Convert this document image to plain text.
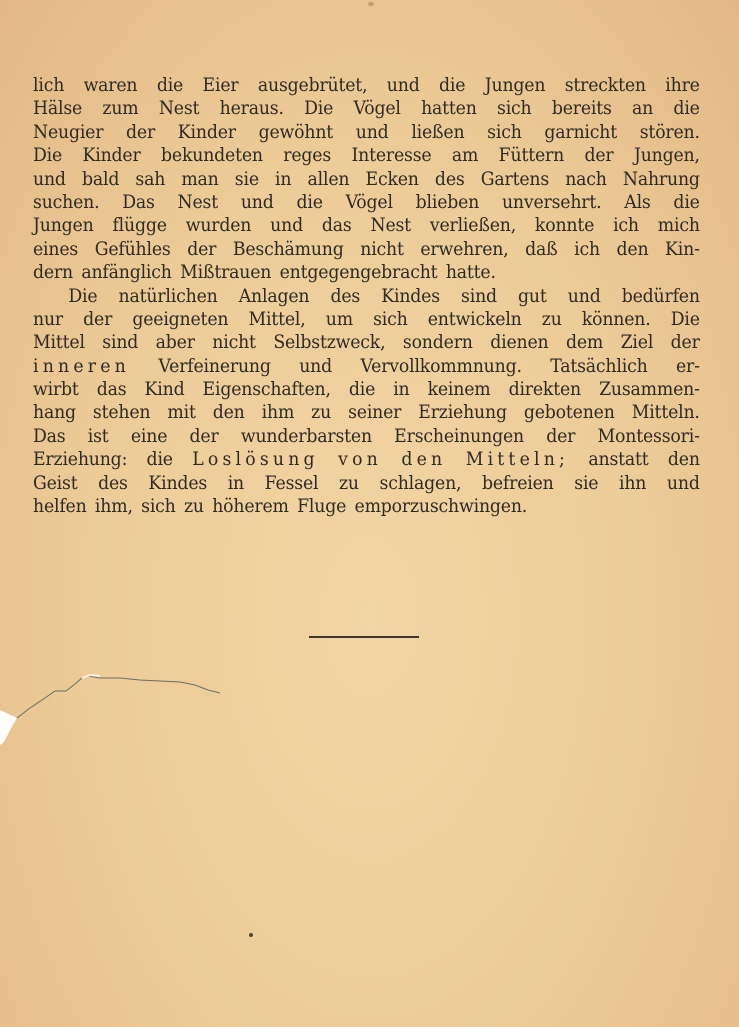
lich waren die Eier ausgebrütet, und die Jungen streckten ihre
Hälse zum Nest heraus. Die Vögel hatten sich bereits an die
Neugier der Kinder gewöhnt und ließen sich garnicht stören.
Die Kinder bekundeten reges Interesse am Füttern der Jungen,
und bald sah man sie in allen Ecken des Gartens nach Nahrung
suchen. Das Nest und die Vögel blieben unversehrt. Als die
Jungen flügge wurden und das Nest verließen, konnte ich mich
eines Gefühles der Beschämung nicht erwehren, daß ich den Kin-
dern anfänglich Mißtrauen entgegengebracht hatte.
Die natürlichen Anlagen des Kindes sind gut und bedürfen
nur der geeigneten Mittel, um sich entwickeln zu können. Die
Mittel sind aber nicht Selbstzweck, sondern dienen dem Ziel der
inneren Verfeinerung und Vervollkommnung. Tatsächlich er-
wirbt das Kind Eigenschaften, die in keinem direkten Zusammen-
hang stehen mit den ihm zu seiner Erziehung gebotenen Mitteln.
Das ist eine der wunderbarsten Erscheinungen der Montessori-
Erziehung: die Loslösung von den Mitteln; anstatt den
Geist des Kindes in Fessel zu schlagen, befreien sie ihn und
helfen ihm, sich zu höherem Fluge emporzuschwingen.
